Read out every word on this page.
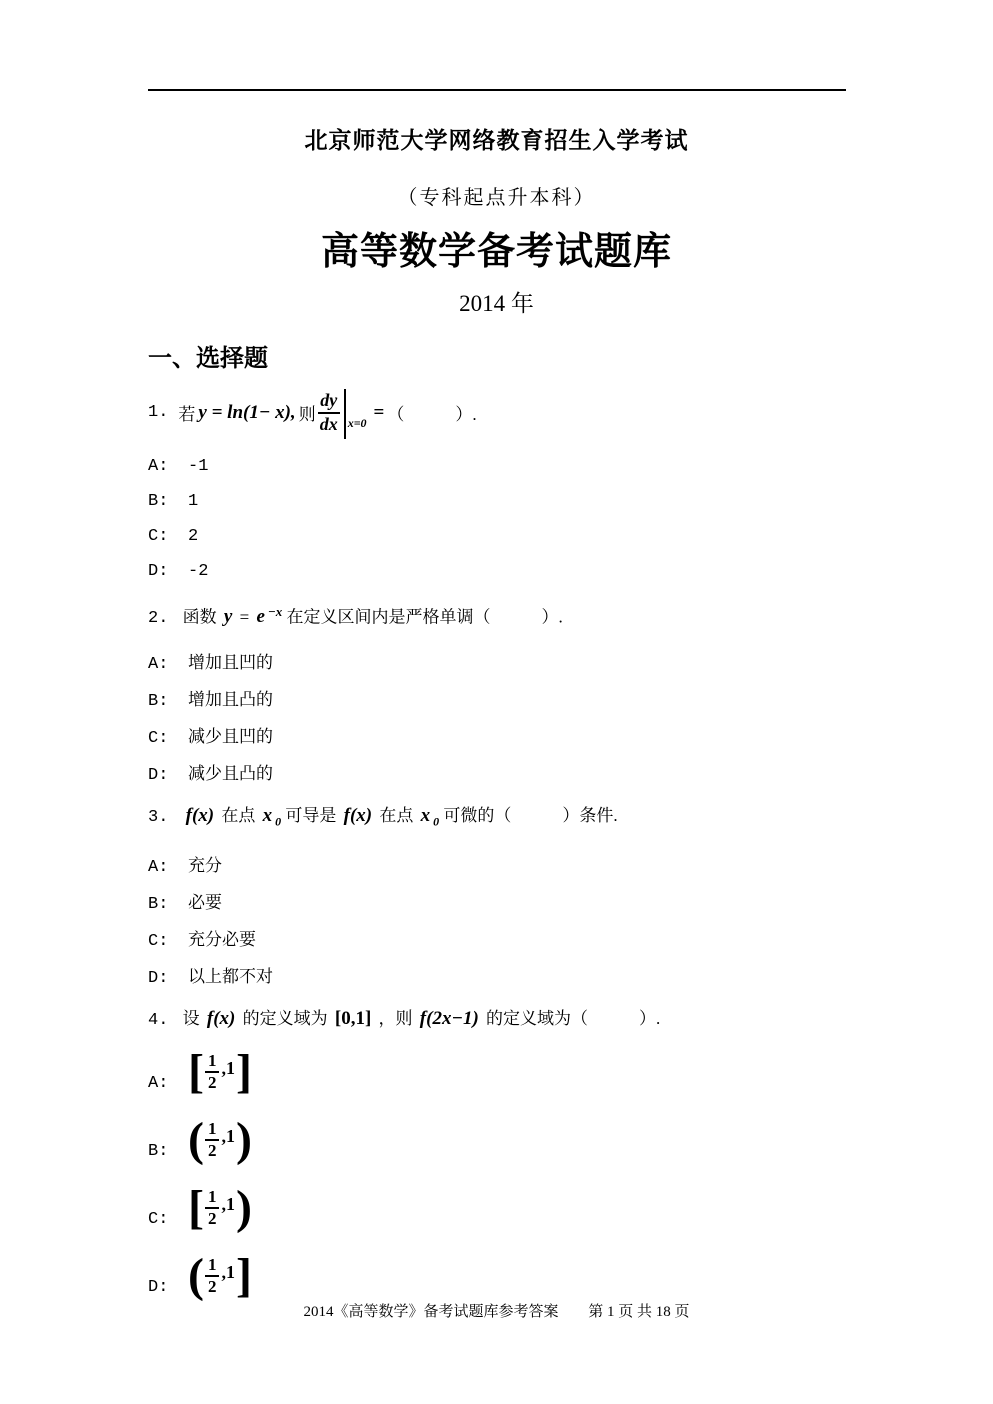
北京师范大学网络教育招生入学考试
（专科起点升本科）
高等数学备考试题库
2014 年
一、选择题
1. 若 y = ln(1− x), 则 $\frac{dy}{dx} x=0$ = （　　　）.
A:	-1
B:	1
C:	2
D:	-2
2. 函数 y = e $^{-x}$ 在定义区间内是严格单调（　　　）.
A:	增加且凹的
B:	增加且凸的
C:	减少且凹的
D:	减少且凸的
3. f(x) 在点 x $_0$ 可导是 f(x) 在点 x $_0$ 可微的（　　　）条件.
A:	充分
B:	必要
C:	充分必要
D:	以上都不对
4. 设 f(x) 的定义域为 [0,1] ，则 f(2x−1) 的定义域为（　　　）.
A: [ $\frac{1}{2} ,1$ ]
B: ( $\frac{1}{2} ,1$ )
C: [ $\frac{1}{2} ,1$ )
D: ( $\frac{1}{2} ,1$ ]
2014《高等数学》备考试题库参考答案 第 1 页 共 18 页
